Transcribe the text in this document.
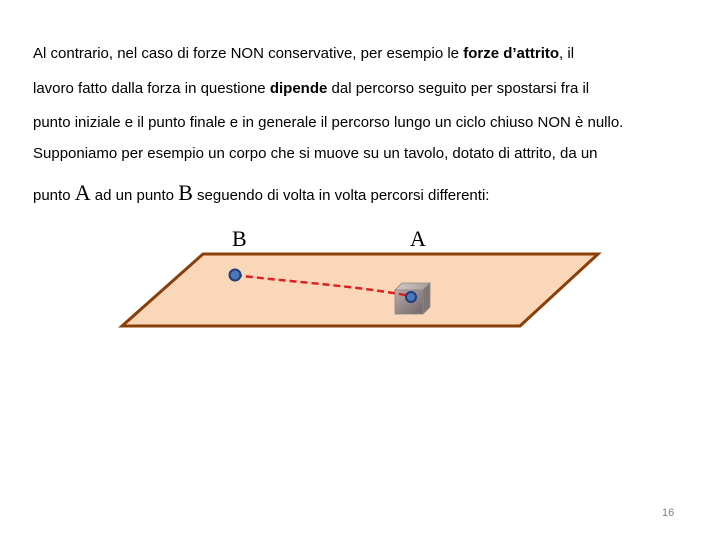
Al contrario, nel caso di forze NON conservative, per esempio le forze d’attrito, il
lavoro fatto dalla forza in questione dipende dal percorso seguito per spostarsi fra il
punto iniziale e il punto finale e in generale il percorso lungo un ciclo chiuso NON è nullo.
Supponiamo per esempio un corpo che si muove su un tavolo, dotato di attrito, da un
punto A ad un punto B seguendo di volta in volta percorsi differenti:
B	A
16
